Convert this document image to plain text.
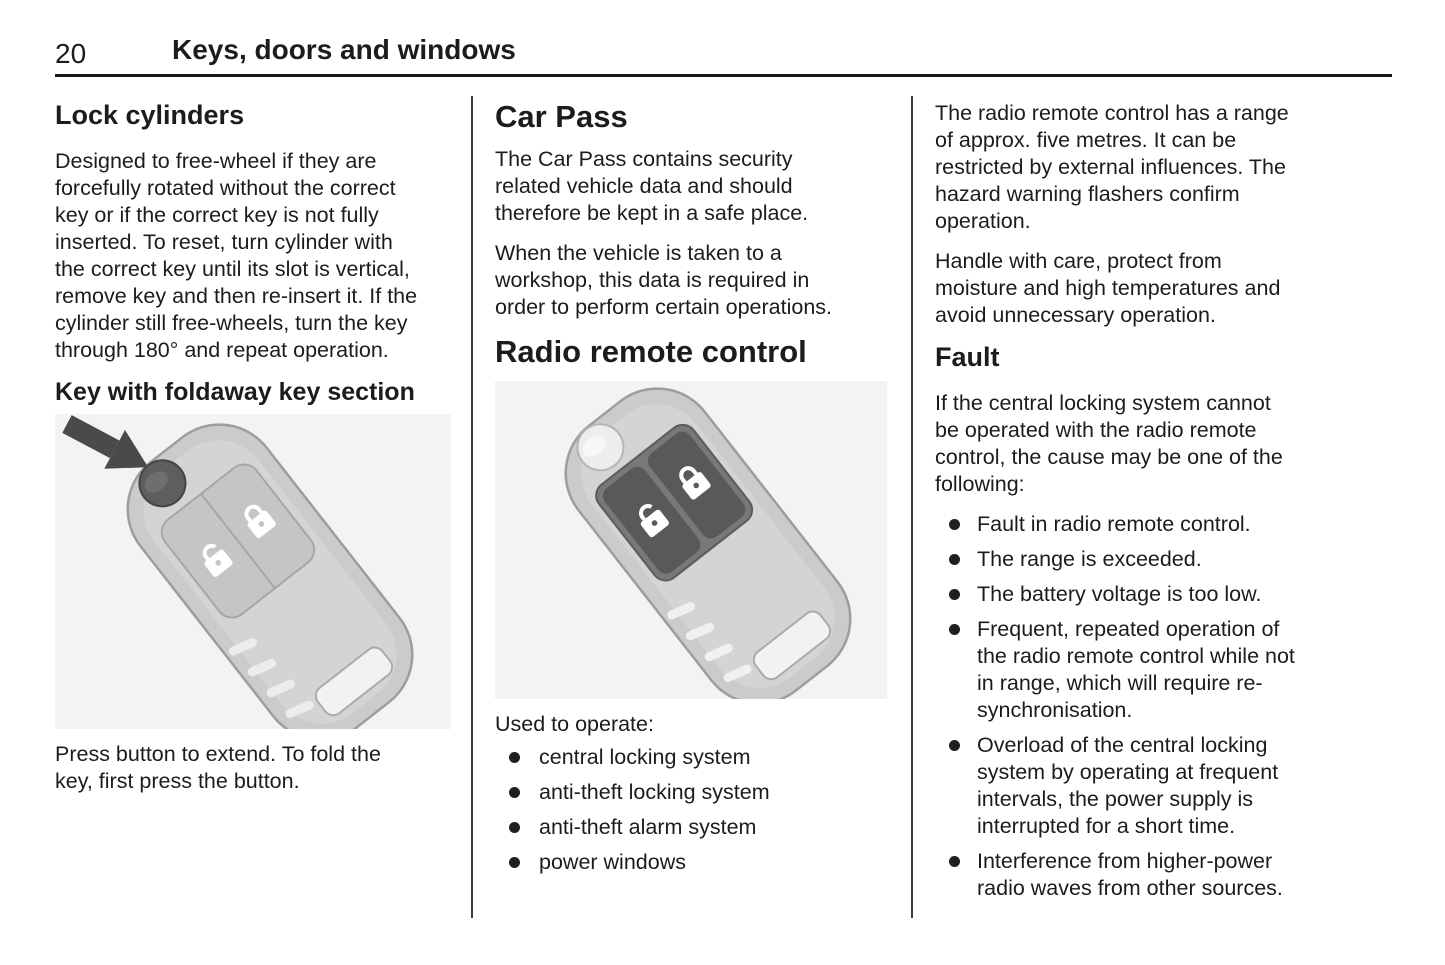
20	Keys, doors and windows
Lock cylinders

Designed to free-wheel if they are forcefully rotated without the correct key or if the correct key is not fully inserted. To reset, turn cylinder with the correct key until its slot is vertical, remove key and then re-insert it. If the cylinder still free-wheels, turn the key through 180° and repeat operation.

Key with foldaway key section

Press button to extend. To fold the key, first press the button.

Car Pass

The Car Pass contains security related vehicle data and should therefore be kept in a safe place.

When the vehicle is taken to a workshop, this data is required in order to perform certain operations.

Radio remote control

Used to operate:

central locking system
anti-theft locking system
anti-theft alarm system
power windows

The radio remote control has a range of approx. five metres. It can be restricted by external influences. The hazard warning flashers confirm operation.

Handle with care, protect from moisture and high temperatures and avoid unnecessary operation.

Fault

If the central locking system cannot be operated with the radio remote control, the cause may be one of the following:

Fault in radio remote control.
The range is exceeded.
The battery voltage is too low.
Frequent, repeated operation of the radio remote control while not in range, which will require re-synchronisation.
Overload of the central locking system by operating at frequent intervals, the power supply is interrupted for a short time.
Interference from higher-power radio waves from other sources.
